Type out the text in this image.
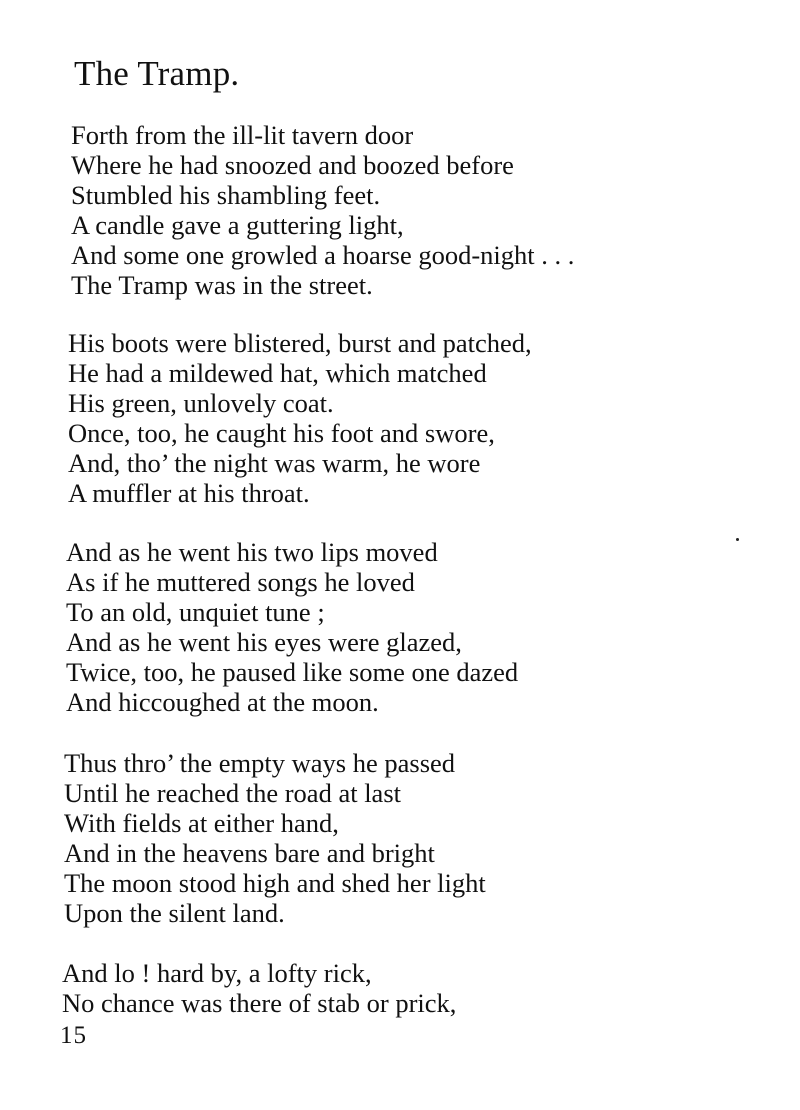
The Tramp.
Forth from the ill-lit tavern door
Where he had snoozed and boozed before
Stumbled his shambling feet.
A candle gave a guttering light,
And some one growled a hoarse good-night . . .
The Tramp was in the street.
His boots were blistered, burst and patched,
He had a mildewed hat, which matched
His green, unlovely coat.
Once, too, he caught his foot and swore,
And, tho’ the night was warm, he wore
A muffler at his throat.
And as he went his two lips moved
As if he muttered songs he loved
To an old, unquiet tune ;
And as he went his eyes were glazed,
Twice, too, he paused like some one dazed
And hiccoughed at the moon.
Thus thro’ the empty ways he passed
Until he reached the road at last
With fields at either hand,
And in the heavens bare and bright
The moon stood high and shed her light
Upon the silent land.
And lo ! hard by, a lofty rick,
No chance was there of stab or prick,
15
